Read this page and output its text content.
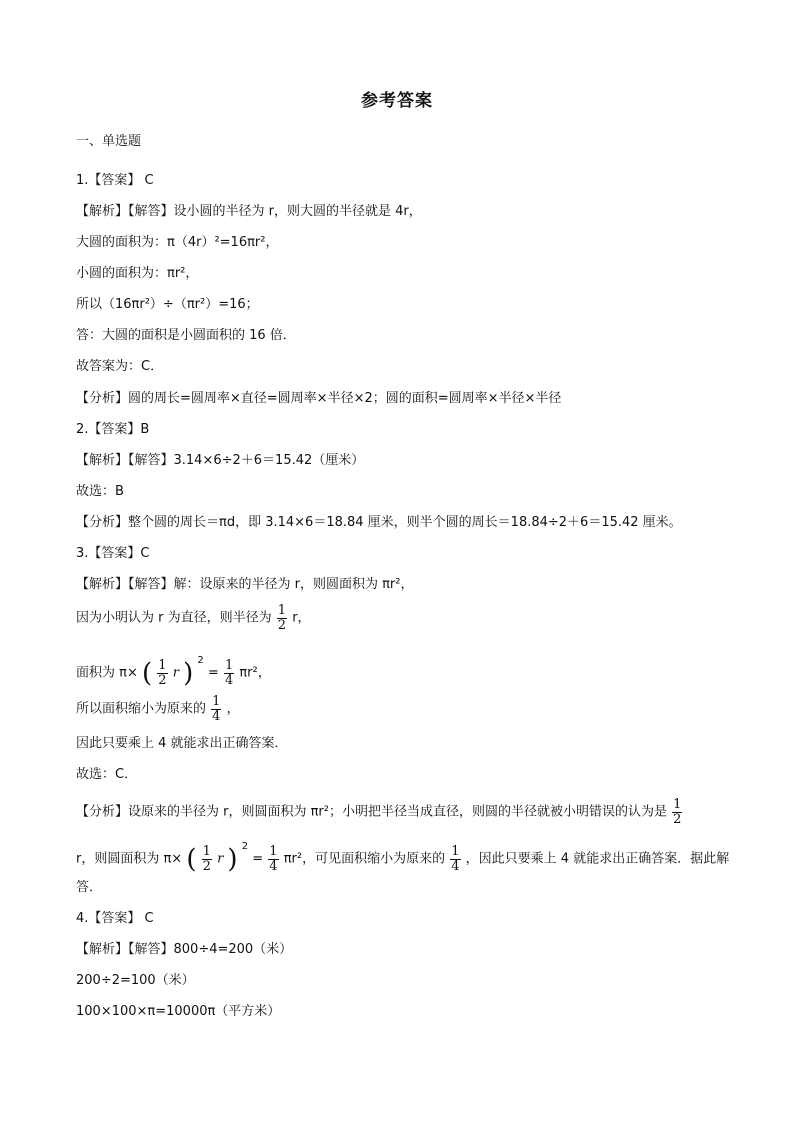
参考答案
一、单选题
1.【答案】 C
【解析】【解答】设小圆的半径为 r，则大圆的半径就是 4r，
大圆的面积为：π（4r）²=16πr²，
小圆的面积为：πr²，
所以（16πr²）÷（πr²）=16；
答：大圆的面积是小圆面积的 16 倍．
故答案为：C．
【分析】圆的周长=圆周率×直径=圆周率×半径×2；圆的面积=圆周率×半径×半径
2.【答案】B
【解析】【解答】3.14×6÷2＋6＝15.42（厘米）
故选：B
【分析】整个圆的周长＝πd，即 3.14×6＝18.84 厘米，则半个圆的周长＝18.84÷2＋6＝15.42 厘米。
3.【答案】C
【解析】【解答】解：设原来的半径为 r，则圆面积为 πr²，
因为小明认为 r 为直径，则半径为 $\frac{1}{2}$ r，
面积为 π× ( $\frac{1}{2}$ r ) $^2 = \frac{1}{4} \pi r^2$，
所以面积缩小为原来的 $\frac{1}{4}$ ，
因此只要乘上 4 就能求出正确答案．
故选：C．
【分析】设原来的半径为 r，则圆面积为 πr²；小明把半径当成直径，则圆的半径就被小明错误的认为是 $\frac{1}{2}$
r，则圆面积为 π× ( $\frac{1}{2}$ r ) $^2 = \frac{1}{4} \pi r^2$，可见面积缩小为原来的 $\frac{1}{4}$ ，因此只要乘上 4 就能求出正确答案．据此解
答．
4.【答案】 C
【解析】【解答】800÷4=200（米）
200÷2=100（米）
100×100×π=10000π（平方米）
